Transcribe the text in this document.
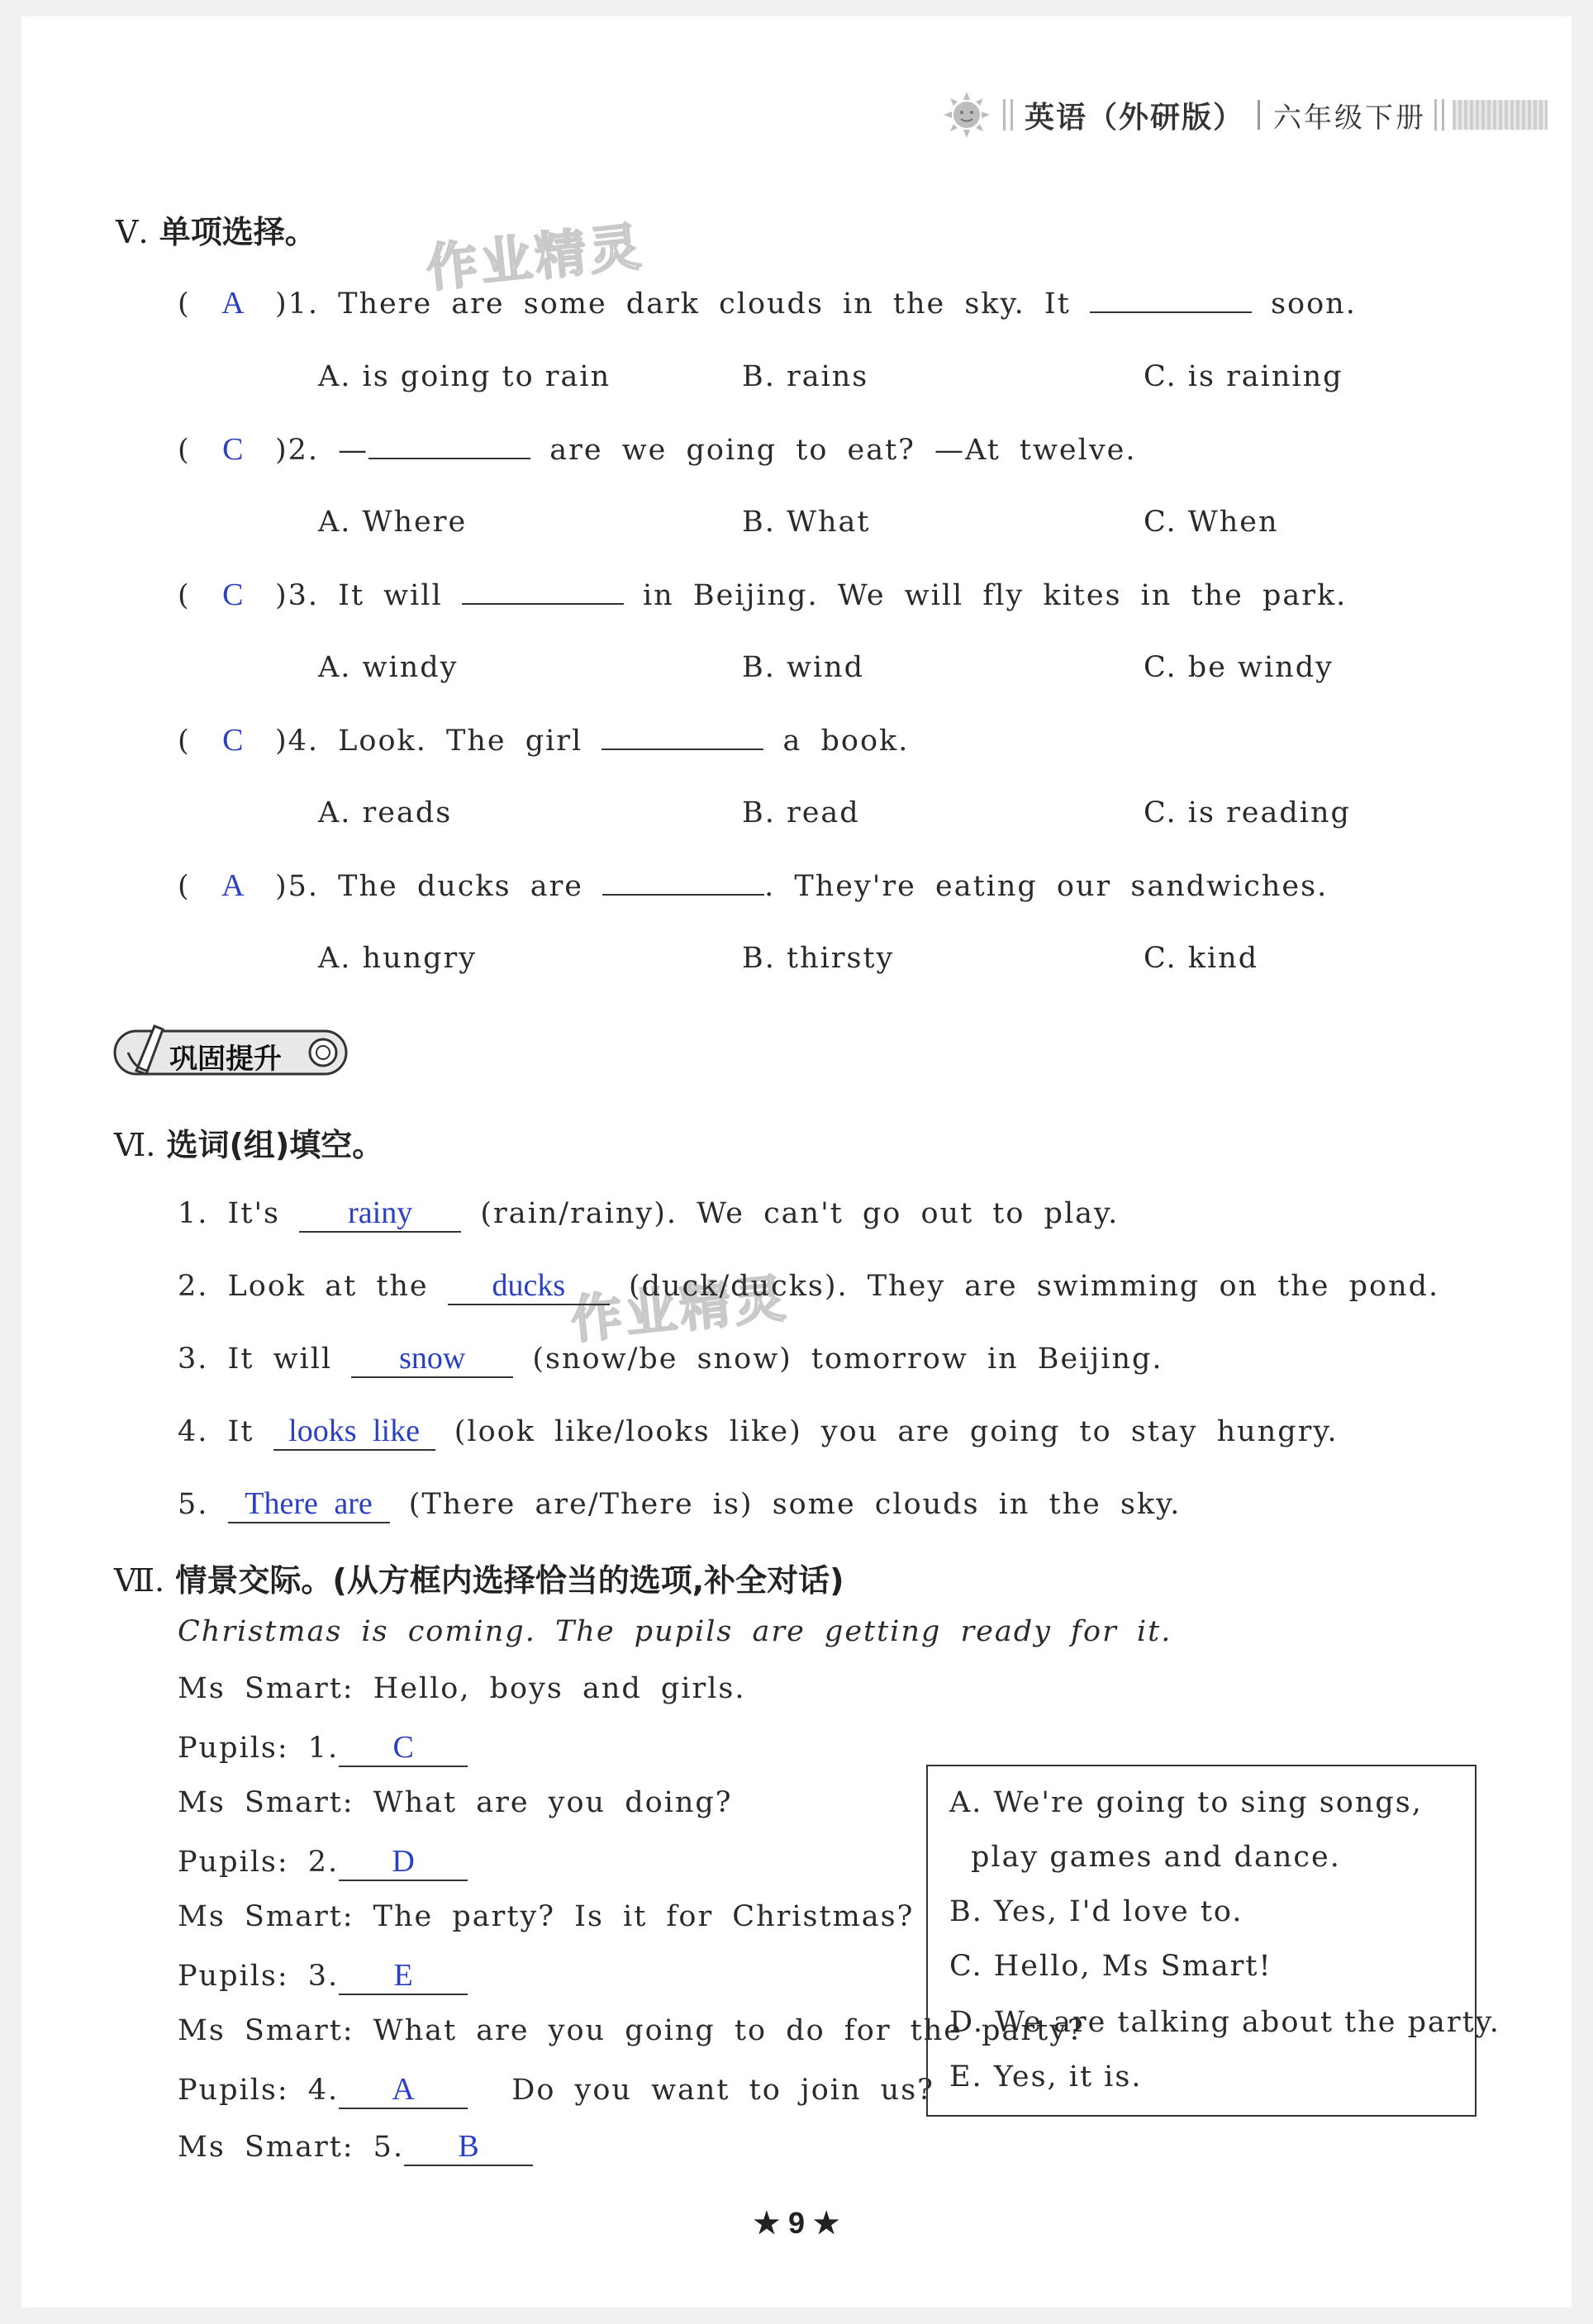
英语（外研版） 六年级下册
作业精灵
作业精灵
Ⅴ. 单项选择。
( A )1. There are some dark clouds in the sky. It	soon.
A. is going to rain	B. rains	C. is raining
( C )2. —	are we going to eat? —At twelve.
A. Where	B. What	C. When
( C )3. It will	in Beijing. We will fly kites in the park.
A. windy	B. wind	C. be windy
( C )4. Look. The girl	a book.
A. reads	B. read	C. is reading
( A )5. The ducks are	. They're eating our sandwiches.
A. hungry	B. thirsty	C. kind
巩固提升
Ⅵ. 选词(组)填空。
1. It's rainy (rain/rainy). We can't go out to play.
2. Look at the ducks (duck/ducks). They are swimming on the pond.
3. It will snow (snow/be snow) tomorrow in Beijing.
4. It looks like (look like/looks like) you are going to stay hungry.
5. There are (There are/There is) some clouds in the sky.
Ⅶ. 情景交际。(从方框内选择恰当的选项,补全对话)
Christmas is coming. The pupils are getting ready for it.
Ms Smart: Hello, boys and girls.
Pupils: 1. C
Ms Smart: What are you doing?
Pupils: 2. D
Ms Smart: The party? Is it for Christmas?
Pupils: 3. E
Ms Smart: What are you going to do for the party?
Pupils: 4. A	Do you want to join us?
Ms Smart: 5. B
A. We're going to sing songs,
play games and dance.
B. Yes, I'd love to.
C. Hello, Ms Smart!
D. We are talking about the party.
E. Yes, it is.
★ 9 ★
